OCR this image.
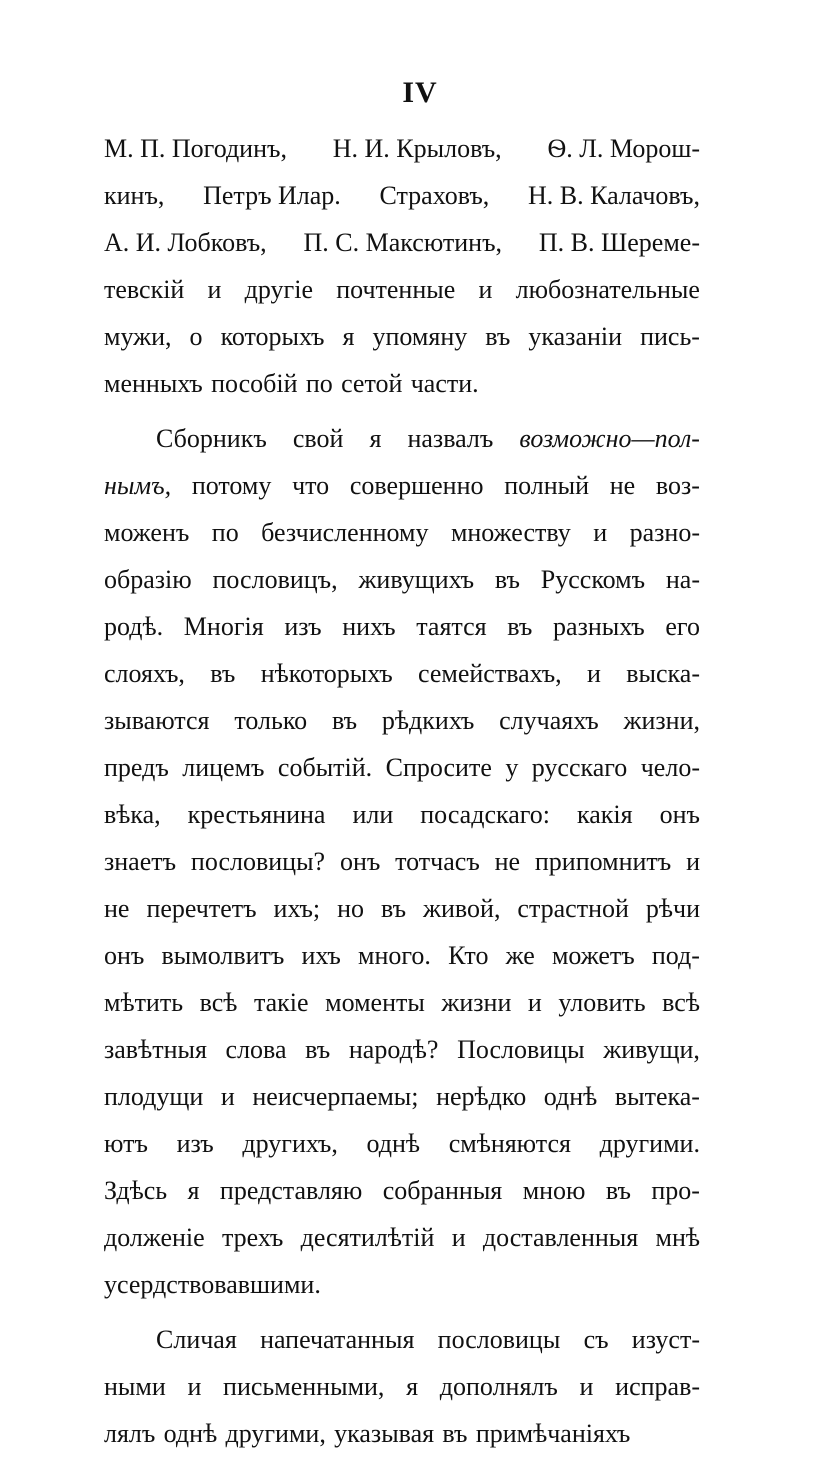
IV
М. П. Погодинъ, Н. И. Крыловъ, Ѳ. Л. Морош-
кинъ, Петръ Илар. Страховъ, Н. В. Калачовъ,
А. И. Лобковъ, П. С. Максютинъ, П. В. Шереме-
тевскій и другіе почтенные и любознательные
мужи, о которыхъ я упомяну въ указаніи пись-
менныхъ пособій по сетой части.
Сборникъ свой я назвалъ возможно—пол-
нымъ, потому что совершенно полный не воз-
моженъ по безчисленному множеству и разно-
образію пословицъ, живущихъ въ Русскомъ на-
родѣ. Многія изъ нихъ таятся въ разныхъ его
слояхъ, въ нѣкоторыхъ семействахъ, и выска-
зываются только въ рѣдкихъ случаяхъ жизни,
предъ лицемъ событій. Спросите у русскаго чело-
вѣка, крестьянина или посадскаго: какія онъ
знаетъ пословицы? онъ тотчасъ не припомнитъ и
не перечтетъ ихъ; но въ живой, страстной рѣчи
онъ вымолвитъ ихъ много. Кто же можетъ под-
мѣтить всѣ такіе моменты жизни и уловить всѣ
завѣтныя слова въ народѣ? Пословицы живущи,
плодущи и неисчерпаемы; нерѣдко однѣ вытека-
ютъ изъ другихъ, однѣ смѣняются другими.
Здѣсь я представляю собранныя мною въ про-
долженіе трехъ десятилѣтій и доставленныя мнѣ
усердствовавшими.
Сличая напечатанныя пословицы съ изуст-
ными и письменными, я дополнялъ и исправ-
лялъ однѣ другими, указывая въ примѣчаніяхъ
